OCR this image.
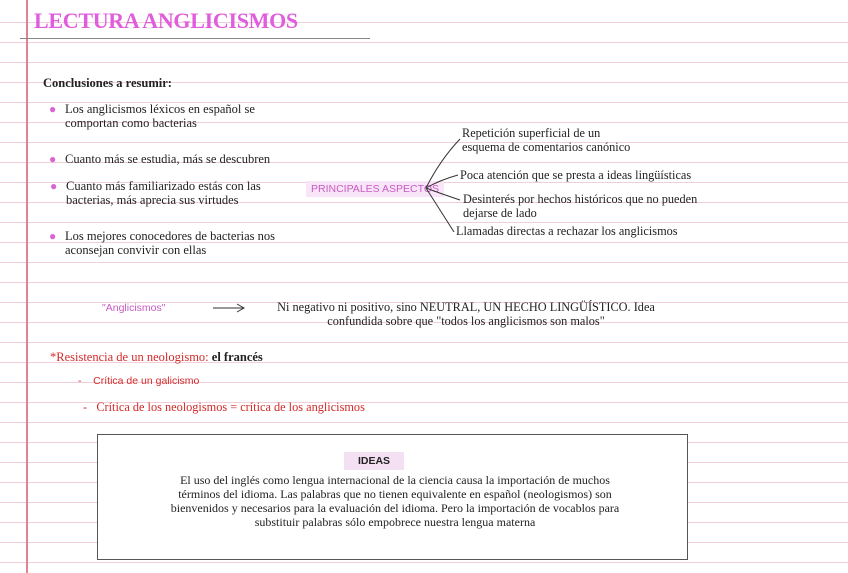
LECTURA ANGLICISMOS
Conclusiones a resumir:
● Los anglicismos léxicos en español se
comportan como bacterias
● Cuanto más se estudia, más se descubren
● Cuanto más familiarizado estás con las
bacterias, más aprecia sus virtudes
● Los mejores conocedores de bacterias nos
aconsejan convivir con ellas
PRINCIPALES ASPECTOS
Repetición superficial de un
esquema de comentarios canónico
Poca atención que se presta a ideas lingüísticas
Desinterés por hechos históricos que no pueden
dejarse de lado
Llamadas directas a rechazar los anglicismos
"Anglicismos"	Ni negativo ni positivo, sino NEUTRAL, UN HECHO LINGÜÍSTICO. Idea
confundida sobre que "todos los anglicismos son malos"
*Resistencia de un neologismo: el francés
-    Crítica de un galicismo
-   Crítica de los neologismos = crítica de los anglicismos
IDEAS
El uso del inglés como lengua internacional de la ciencia causa la importación de muchos
términos del idioma. Las palabras que no tienen equivalente en español (neologismos) son
bienvenidos y necesarios para la evaluación del idioma. Pero la importación de vocablos para
substituir palabras sólo empobrece nuestra lengua materna
